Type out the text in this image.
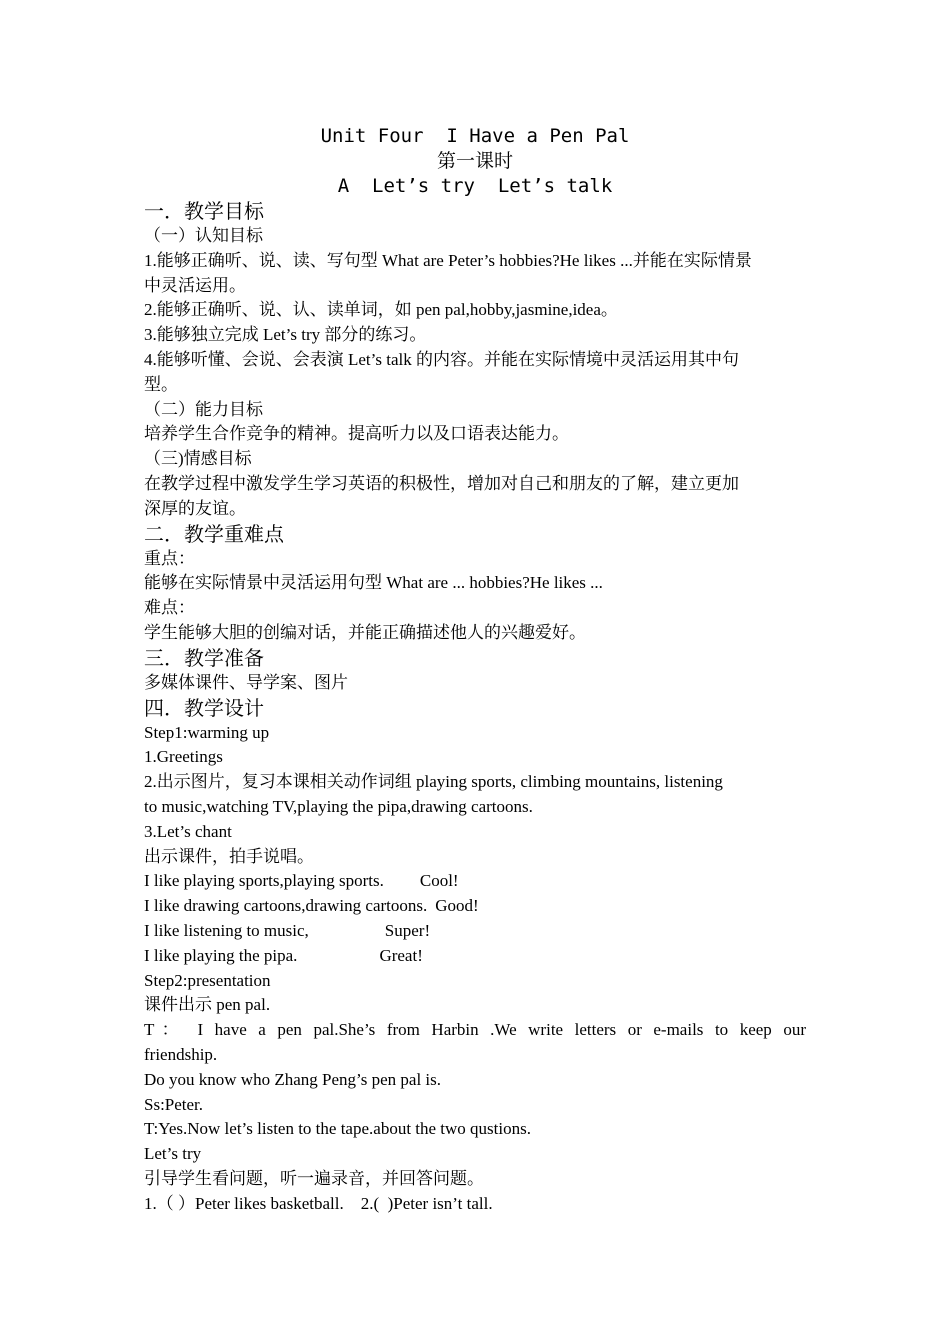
Unit Four  I Have a Pen Pal

第一课时

A  Let’s try  Let’s talk

一．教学目标

（一）认知目标

1.能够正确听、说、读、写句型 What are Peter’s hobbies?He likes ...并能在实际情景

中灵活运用。

2.能够正确听、说、认、读单词，如 pen pal,hobby,jasmine,idea。

3.能够独立完成 Let’s try 部分的练习。

4.能够听懂、会说、会表演 Let’s talk 的内容。并能在实际情境中灵活运用其中句

型。

（二）能力目标

培养学生合作竞争的精神。提高听力以及口语表达能力。

（三)情感目标

在教学过程中激发学生学习英语的积极性，增加对自己和朋友的了解，建立更加

深厚的友谊。

二．教学重难点

重点：

能够在实际情景中灵活运用句型 What are ... hobbies?He likes ...

难点：

学生能够大胆的创编对话，并能正确描述他人的兴趣爱好。

三．教学准备

多媒体课件、导学案、图片

四．教学设计

Step1:warming up

1.Greetings

2.出示图片，复习本课相关动作词组 playing sports, climbing mountains, listening

to music,watching TV,playing the pipa,drawing cartoons.

3.Let’s chant

出示课件，拍手说唱。

I like playing sports,playing sports. Cool!

I like drawing cartoons,drawing cartoons. Good!

I like listening to music,	Super!

I like playing the pipa.	Great!

Step2:presentation

课件出示 pen pal.

T： I have a pen pal.She’s from Harbin .We write letters or e-mails to keep our

friendship.

Do you know who Zhang Peng’s pen pal is.

Ss:Peter.

T:Yes.Now let’s listen to the tape.about the two qustions.

Let’s try

引导学生看问题，听一遍录音，并回答问题。

1.（ ）Peter likes basketball.    2.(  )Peter isn’t tall.
